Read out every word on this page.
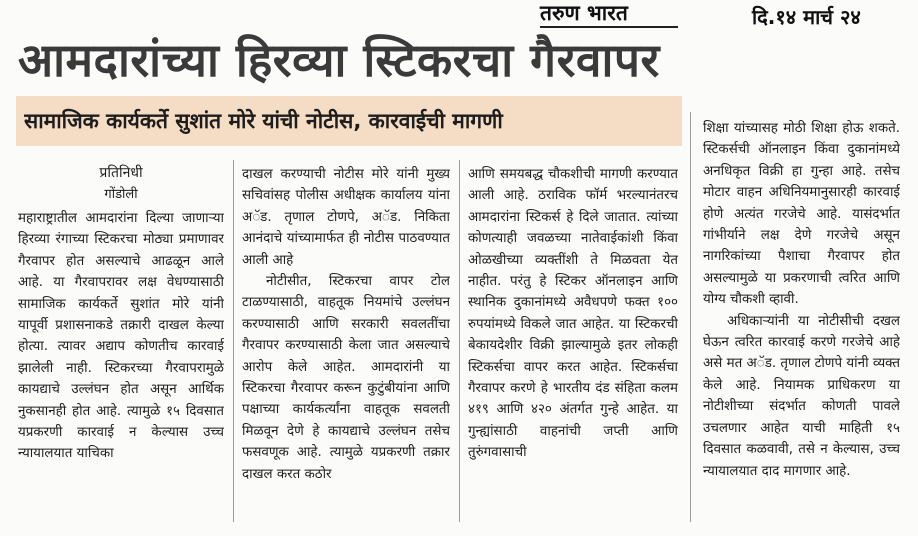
तरुण भारत	दि.१४ मार्च २४
आमदारांच्या हिरव्या स्टिकरचा गैरवापर
सामाजिक कार्यकर्ते सुशांत मोरे यांची नोटीस, कारवाईची मागणी
प्रतिनिधी
गोंडोली

महाराष्ट्रातील आमदारांना दिल्या जाणाऱ्या हिरव्या रंगाच्या स्टिकरचा मोठ्या प्रमाणावर गैरवापर होत असल्याचे आढळून आले आहे. या गैरवापरावर लक्ष वेधण्यासाठी सामाजिक कार्यकर्ते सुशांत मोरे यांनी यापूर्वी प्रशासनाकडे तक्रारी दाखल केल्या होत्या. त्यावर अद्याप कोणतीच कारवाई झालेली नाही. स्टिकरच्या गैरवापरामुळे कायद्याचे उल्लंघन होत असून आर्थिक नुकसानही होत आहे. त्यामुळे १५ दिवसात यप्रकरणी कारवाई न केल्यास उच्च न्यायालयात याचिका

दाखल करण्याची नोटीस मोरे यांनी मुख्य सचिवांसह पोलीस अधीक्षक कार्यालय यांना अॅड. तृणाल टोणपे, अॅड. निकिता आनंदाचे यांच्यामार्फत ही नोटीस पाठवण्यात आली आहे

नोटीसीत, स्टिकरचा वापर टोल टाळण्यासाठी, वाहतूक नियमांचे उल्लंघन करण्यासाठी आणि सरकारी सवलतींचा गैरवापर करण्यासाठी केला जात असल्याचे आरोप केले आहेत. आमदारांनी या स्टिकरचा गैरवापर करून कुटुंबीयांना आणि पक्षाच्या कार्यकर्त्यांना वाहतूक सवलती मिळवून देणे हे कायद्याचे उल्लंघन तसेच फसवणूक आहे. त्यामुळे यप्रकरणी तक्रार दाखल करत कठोर

आणि समयबद्ध चौकशीची मागणी करण्यात आली आहे. ठराविक फॉर्म भरल्यानंतरच आमदारांना स्टिकर्स हे दिले जातात. त्यांच्या कोणत्याही जवळच्या नातेवाईकांशी किंवा ओळखीच्या व्यक्तींशी ते मिळवता येत नाहीत. परंतु हे स्टिकर ऑनलाइन आणि स्थानिक दुकानांमध्ये अवैधपणे फक्त १०० रुपयांमध्ये विकले जात आहेत. या स्टिकरची बेकायदेशीर विक्री झाल्यामुळे इतर लोकही स्टिकर्सचा वापर करत आहेत. स्टिकर्सचा गैरवापर करणे हे भारतीय दंड संहिता कलम ४१९ आणि ४२० अंतर्गत गुन्हे आहेत. या गुन्ह्यांसाठी वाहनांची जप्ती आणि तुरुंगवासाची

शिक्षा यांच्यासह मोठी शिक्षा होऊ शकते. स्टिकर्सची ऑनलाइन किंवा दुकानांमध्ये अनधिकृत विक्री हा गुन्हा आहे. तसेच मोटार वाहन अधिनियमानुसारही कारवाई होणे अत्यंत गरजेचे आहे. यासंदर्भात गांभीर्याने लक्ष देणे गरजेचे असून नागरिकांच्या पैशाचा गैरवापर होत असल्यामुळे या प्रकरणाची त्वरित आणि योग्य चौकशी व्हावी.

अधिकाऱ्यांनी या नोटीसीची दखल घेऊन त्वरित कारवाई करणे गरजेचे आहे असे मत अॅड. तृणाल टोणपे यांनी व्यक्त केले आहे. नियामक प्राधिकरण या नोटीशीच्या संदर्भात कोणती पावले उचलणार आहेत याची माहिती १५ दिवसात कळवावी, तसे न केल्यास, उच्च न्यायालयात दाद मागणार आहे.
